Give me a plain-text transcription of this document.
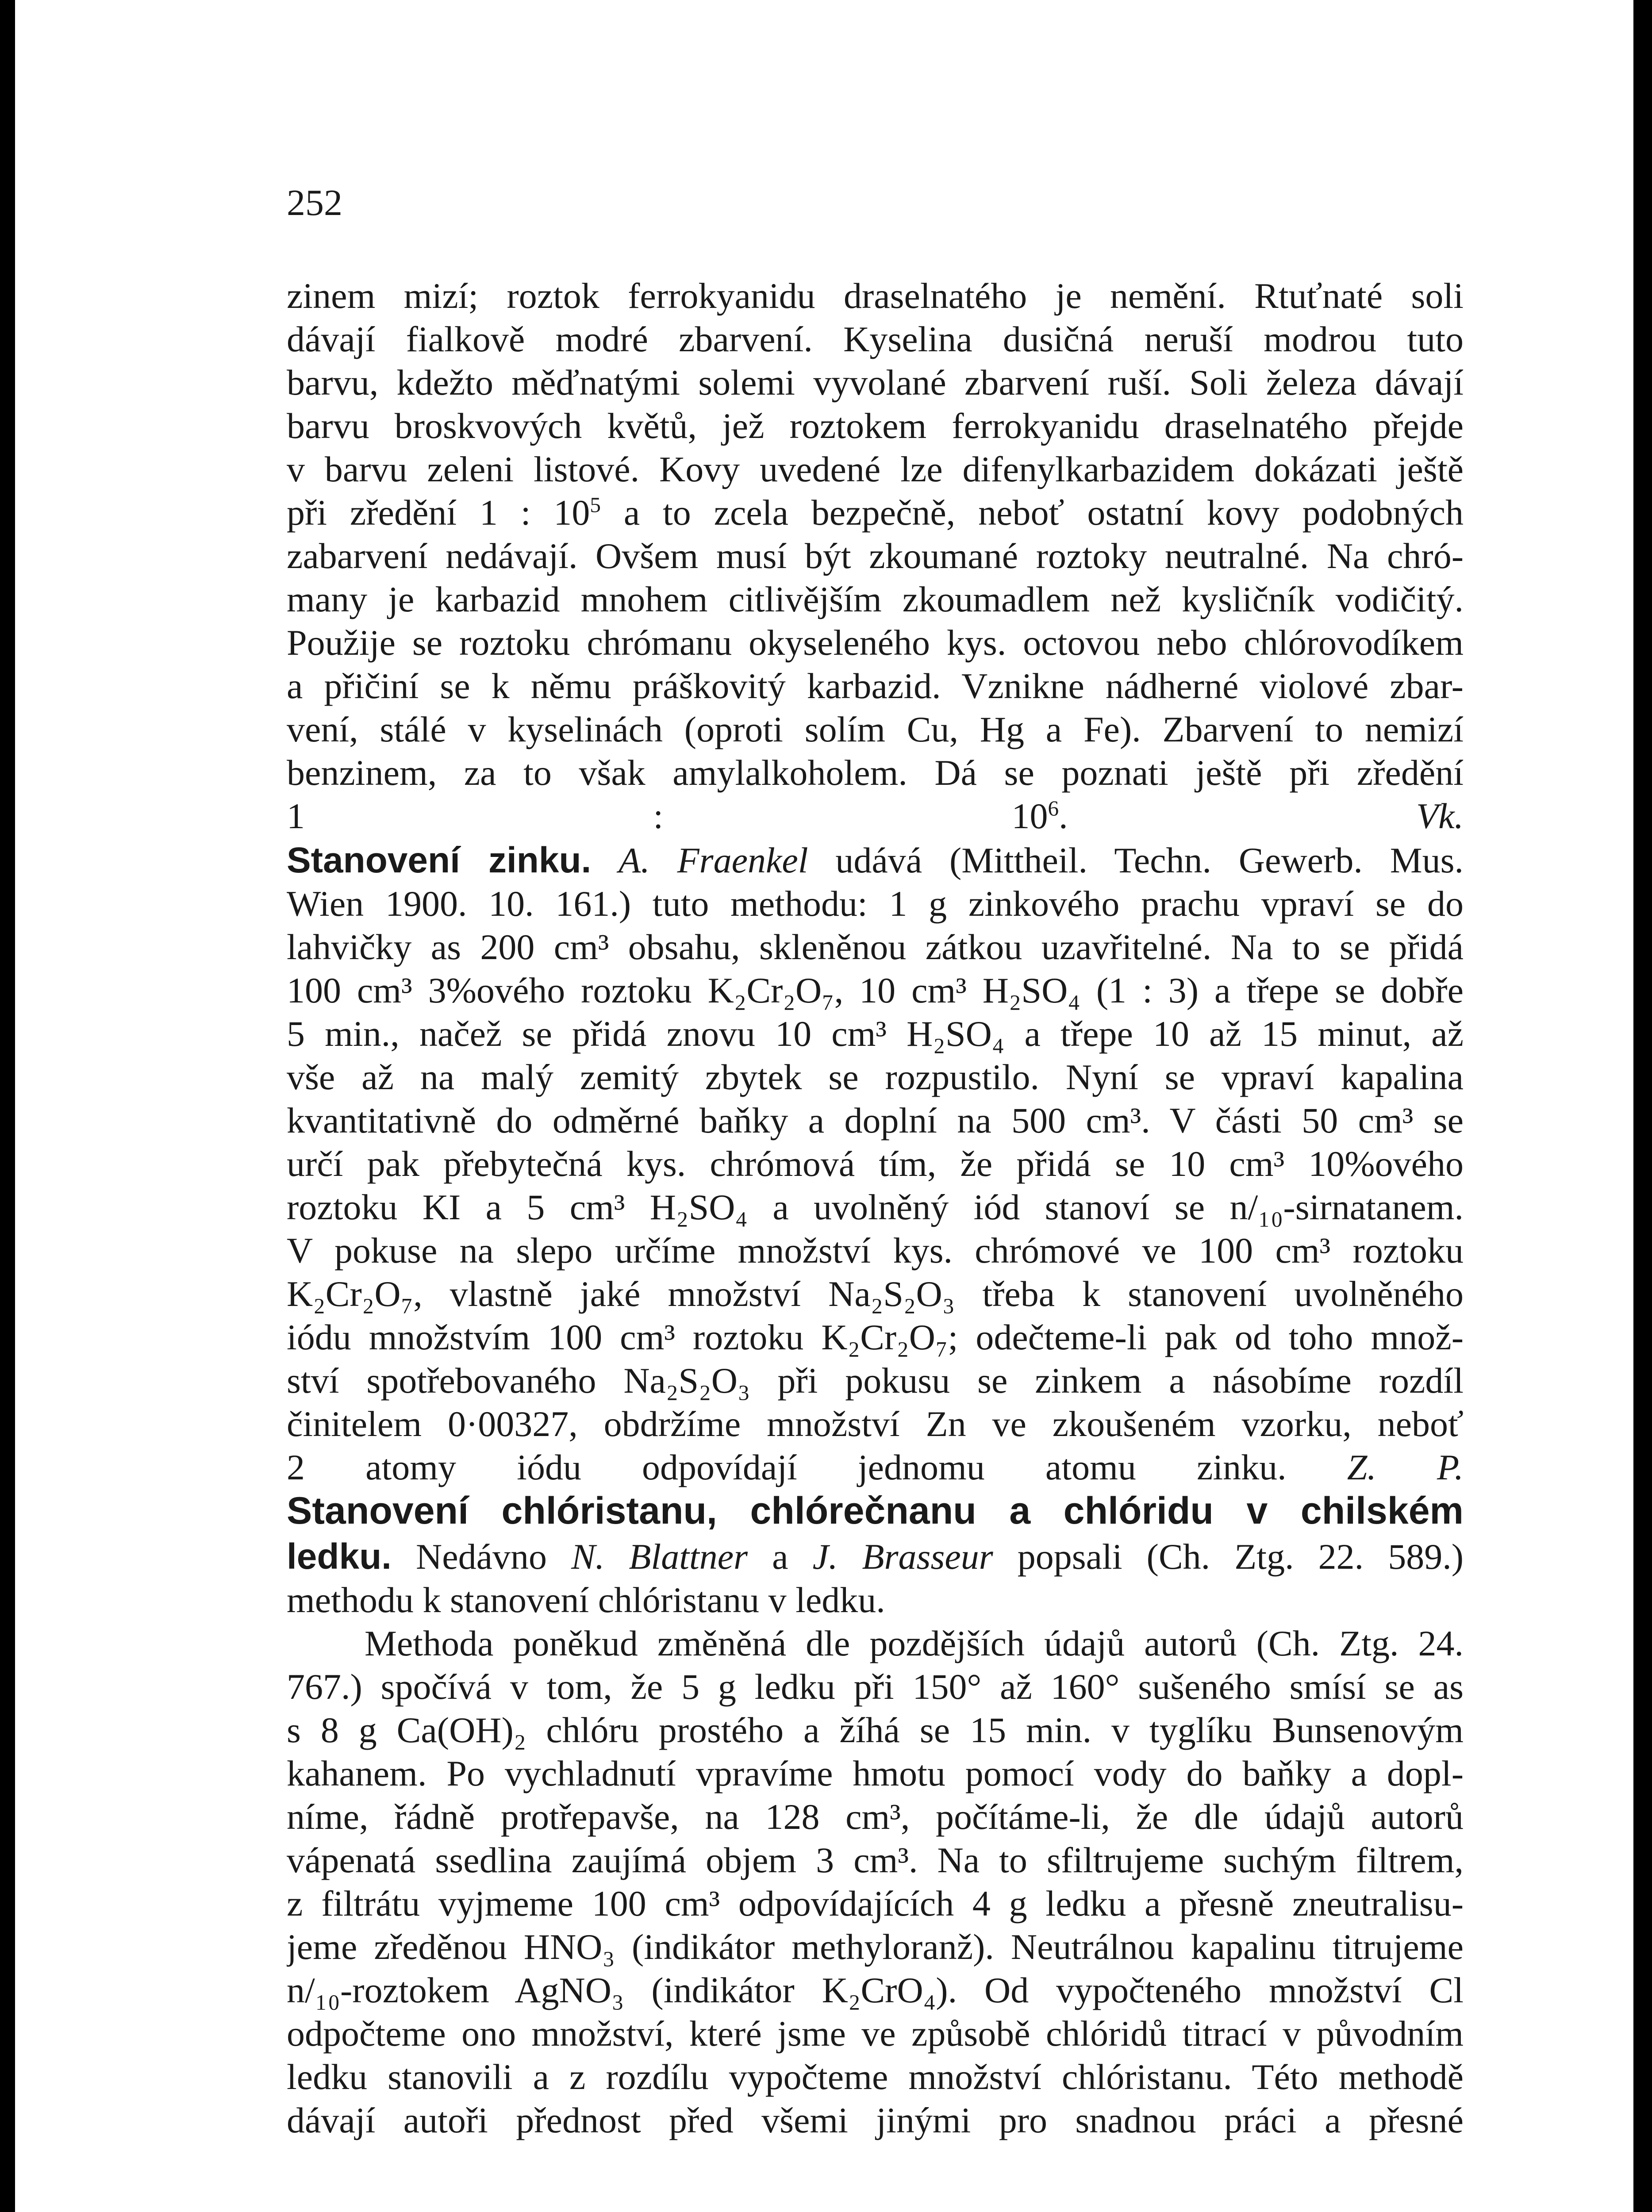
252
zinem mizí; roztok ferrokyanidu draselnatého je nemění. Rtuťnaté soli
dávají fialkově modré zbarvení. Kyselina dusičná neruší modrou tuto
barvu, kdežto měďnatými solemi vyvolané zbarvení ruší. Soli železa dávají
barvu broskvových květů, jež roztokem ferrokyanidu draselnatého přejde
v barvu zeleni listové. Kovy uvedené lze difenylkarbazidem dokázati ještě
při zředění 1 : $10^5$ a to zcela bezpečně, neboť ostatní kovy podobných
zabarvení nedávají. Ovšem musí být zkoumané roztoky neutralné. Na chró-
many je karbazid mnohem citlivějším zkoumadlem než kysličník vodičitý.
Použije se roztoku chrómanu okyseleného kys. octovou nebo chlórovodíkem
a přičiní se k němu práškovitý karbazid. Vznikne nádherné violové zbar-
vení, stálé v kyselinách (oproti solím Cu, Hg a Fe). Zbarvení to nemizí
benzinem, za to však amylalkoholem. Dá se poznati ještě při zředění
1 : $10^6$.	Vk.
Stanovení zinku. A. Fraenkel udává (Mittheil. Techn. Gewerb. Mus.
Wien 1900. 10. 161.) tuto methodu: 1 g zinkového prachu vpraví se do
lahvičky as 200 cm³ obsahu, skleněnou zátkou uzavřitelné. Na to se přidá
100 cm³ 3%ového roztoku K₂Cr₂O₇, 10 cm³ H₂SO₄ (1 : 3) a třepe se dobře
5 min., načež se přidá znovu 10 cm³ H₂SO₄ a třepe 10 až 15 minut, až
vše až na malý zemitý zbytek se rozpustilo. Nyní se vpraví kapalina
kvantitativně do odměrné baňky a doplní na 500 cm³. V části 50 cm³ se
určí pak přebytečná kys. chrómová tím, že přidá se 10 cm³ 10%ového
roztoku KI a 5 cm³ H₂SO₄ a uvolněný iód stanoví se n/₁₀-sirnatanem.
V pokuse na slepo určíme množství kys. chrómové ve 100 cm³ roztoku
K₂Cr₂O₇, vlastně jaké množství Na₂S₂O₃ třeba k stanovení uvolněného
iódu množstvím 100 cm³ roztoku K₂Cr₂O₇; odečteme-li pak od toho množ-
ství spotřebovaného Na₂S₂O₃ při pokusu se zinkem a násobíme rozdíl
činitelem 0·00327, obdržíme množství Zn ve zkoušeném vzorku, neboť
2 atomy iódu odpovídají jednomu atomu zinku. Z. P.
Stanovení chlóristanu, chlórečnanu a chlóridu v chilském
ledku. Nedávno N. Blattner a J. Brasseur popsali (Ch. Ztg. 22. 589.)
methodu k stanovení chlóristanu v ledku.
Methoda poněkud změněná dle pozdějších údajů autorů (Ch. Ztg. 24.
767.) spočívá v tom, že 5 g ledku při 150° až 160° sušeného smísí se as
s 8 g Ca(OH)₂ chlóru prostého a žíhá se 15 min. v tyglíku Bunsenovým
kahanem. Po vychladnutí vpravíme hmotu pomocí vody do baňky a dopl-
níme, řádně protřepavše, na 128 cm³, počítáme-li, že dle údajů autorů
vápenatá ssedlina zaujímá objem 3 cm³. Na to sfiltrujeme suchým filtrem,
z filtrátu vyjmeme 100 cm³ odpovídajících 4 g ledku a přesně zneutralisu-
jeme zředěnou HNO₃ (indikátor methyloranž). Neutrálnou kapalinu titrujeme
n/₁₀-roztokem AgNO₃ (indikátor K₂CrO₄). Od vypočteného množství Cl
odpočteme ono množství, které jsme ve způsobě chlóridů titrací v původním
ledku stanovili a z rozdílu vypočteme množství chlóristanu. Této methodě
dávají autoři přednost před všemi jinými pro snadnou práci a přesné
